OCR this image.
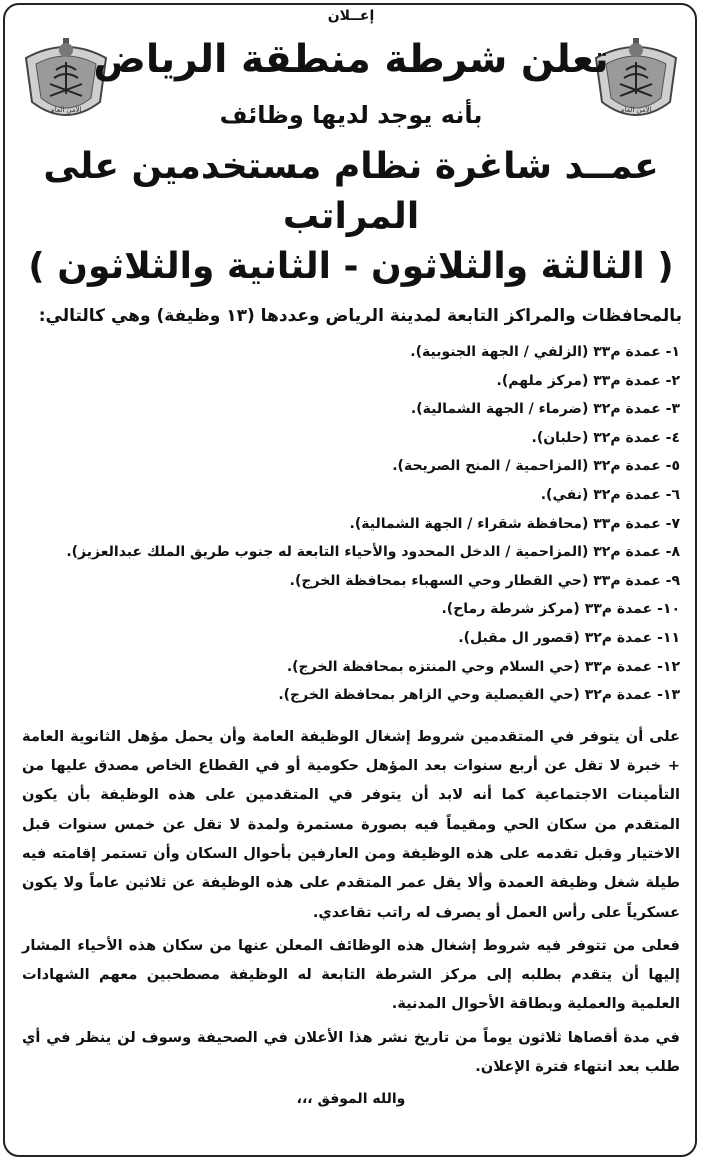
الأمن العام
الأمن العام
إعــلان
تعلن شرطة منطقة الرياض
بأنه يوجد لديها وظائف
عمــد شاغرة نظام مستخدمين على المراتب
( الثالثة والثلاثون - الثانية والثلاثون )
بالمحافظات والمراكز التابعة لمدينة الرياض وعددها (١٣ وظيفة) وهي كالتالي:
١- عمدة م٣٣ (الزلفي / الجهة الجنوبية).
٢- عمدة م٣٣ (مركز ملهم).
٣- عمدة م٣٢ (ضرماء / الجهة الشمالية).
٤- عمدة م٣٢ (حلبان).
٥- عمدة م٣٢ (المزاحمية / المنح الصريحة).
٦- عمدة م٣٢ (نفي).
٧- عمدة م٣٣ (محافظة شقراء / الجهة الشمالية).
٨- عمدة م٣٢ (المزاحمية / الدخل المحدود والأحياء التابعة له جنوب طريق الملك عبدالعزيز).
٩- عمدة م٣٣ (حي القطار وحي السهباء بمحافظة الخرج).
١٠- عمدة م٣٣ (مركز شرطة رماح).
١١- عمدة م٣٢ (قصور ال مقبل).
١٢- عمدة م٣٣ (حي السلام وحي المنتزه بمحافظة الخرج).
١٣- عمدة م٣٢ (حي الفيصلية وحي الزاهر بمحافظة الخرج).
على أن يتوفر في المتقدمين شروط إشغال الوظيفة العامة وأن يحمل مؤهل الثانوية العامة + خبرة لا تقل عن أربع سنوات بعد المؤهل حكومية أو في القطاع الخاص مصدق عليها من التأمينات الاجتماعية كما أنه لابد أن يتوفر في المتقدمين على هذه الوظيفة بأن يكون المتقدم من سكان الحي ومقيماً فيه بصورة مستمرة ولمدة لا تقل عن خمس سنوات قبل الاختيار وقبل تقدمه على هذه الوظيفة ومن العارفين بأحوال السكان وأن تستمر إقامته فيه طيلة شغل وظيفة العمدة وألا يقل عمر المتقدم على هذه الوظيفة عن ثلاثين عاماً ولا يكون عسكرياً على رأس العمل أو يصرف له راتب تقاعدي.
فعلى من تتوفر فيه شروط إشغال هذه الوظائف المعلن عنها من سكان هذه الأحياء المشار إليها أن يتقدم بطلبه إلى مركز الشرطة التابعة له الوظيفة مصطحبين معهم الشهادات العلمية والعملية وبطاقة الأحوال المدنية.
في مدة أقصاها ثلاثون يوماً من تاريخ نشر هذا الأعلان في الصحيفة وسوف لن ينظر في أي طلب بعد انتهاء فترة الإعلان.
والله الموفق ،،،
